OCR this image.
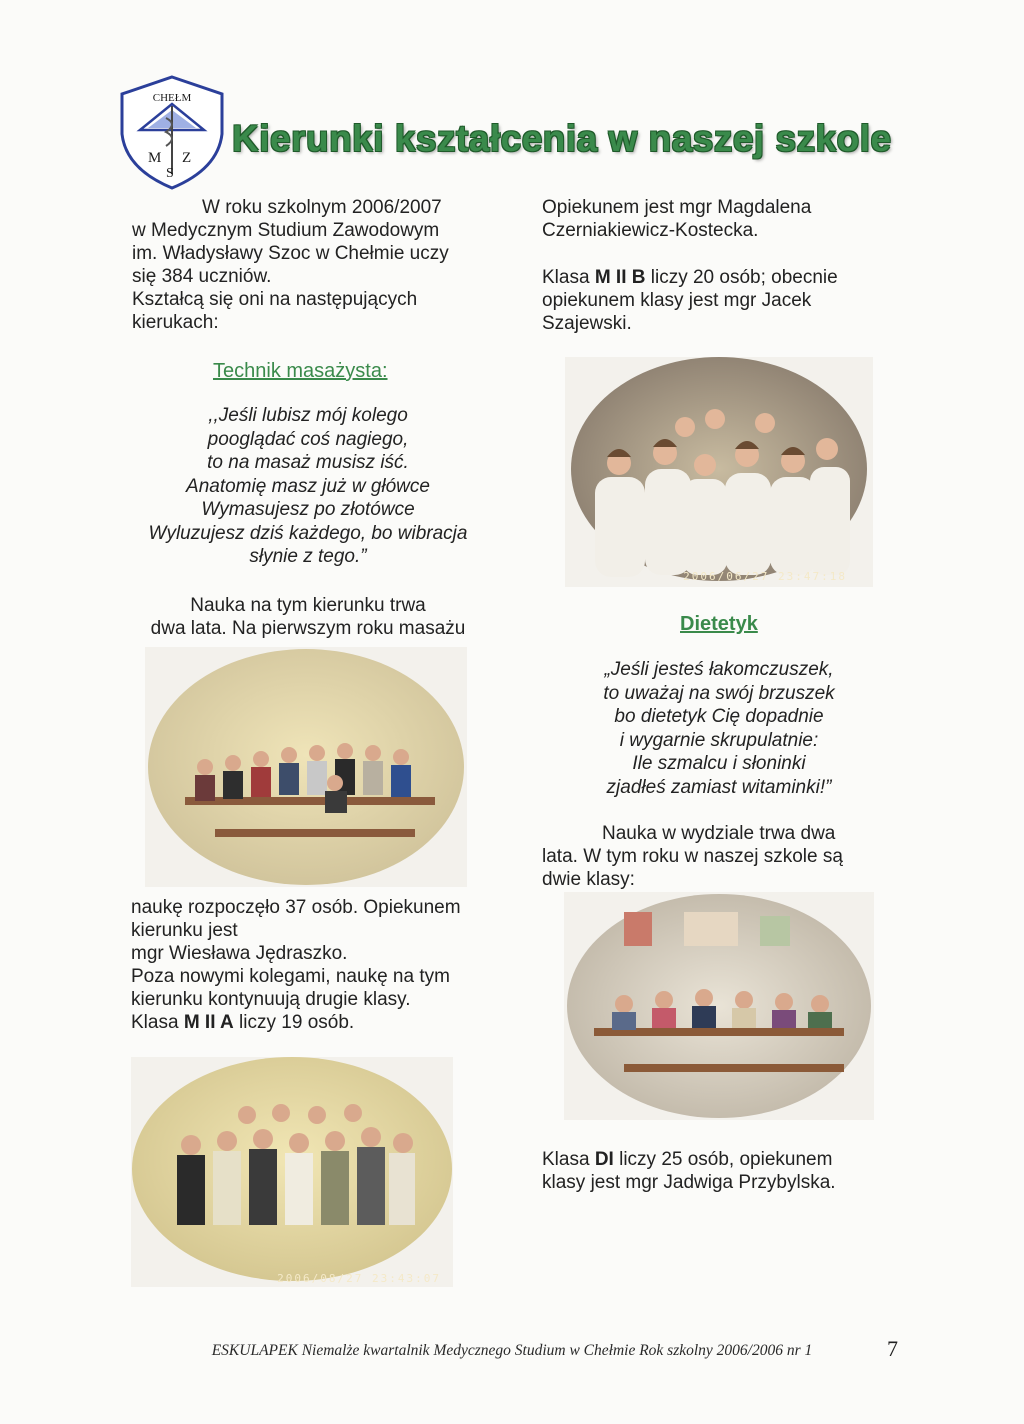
CHEŁM
M Z
S
Kierunki kształcenia w naszej szkole
W roku szkolnym 2006/2007
w Medycznym Studium Zawodowym
im. Władysławy Szoc w Chełmie uczy
się 384 uczniów.
Kształcą się oni na następujących
kierukach:
Opiekunem jest mgr Magdalena
Czerniakiewicz-Kostecka.
Klasa M II B liczy 20 osób; obecnie
opiekunem klasy jest mgr Jacek
Szajewski.
Technik masażysta:
,,Jeśli lubisz mój kolego
pooglądać coś nagiego,
to na masaż musisz iść.
Anatomię masz już w główce
Wymasujesz po złotówce
Wyluzujesz dziś każdego, bo wibracja
słynie z tego.”
Nauka na tym kierunku trwa
dwa lata. Na pierwszym roku masażu
2006/06/27 23:47:18
Dietetyk
„Jeśli jesteś łakomczuszek,
to uważaj na swój brzuszek
bo dietetyk Cię dopadnie
i wygarnie skrupulatnie:
Ile szmalcu i słoninki
zjadłeś zamiast witaminki!”
Nauka w wydziale trwa dwa
lata. W tym roku w naszej szkole są
dwie klasy:
naukę rozpoczęło 37 osób. Opiekunem
kierunku jest
mgr Wiesława Jędraszko.
Poza nowymi kolegami, naukę na tym
kierunku kontynuują drugie klasy.
Klasa M II A liczy 19 osób.
Klasa DI liczy 25 osób, opiekunem
klasy jest mgr Jadwiga Przybylska.
2006/08/27 23:43:07
ESKULAPEK Niemalże kwartalnik Medycznego Studium w Chełmie Rok szkolny 2006/2006 nr 1	7
